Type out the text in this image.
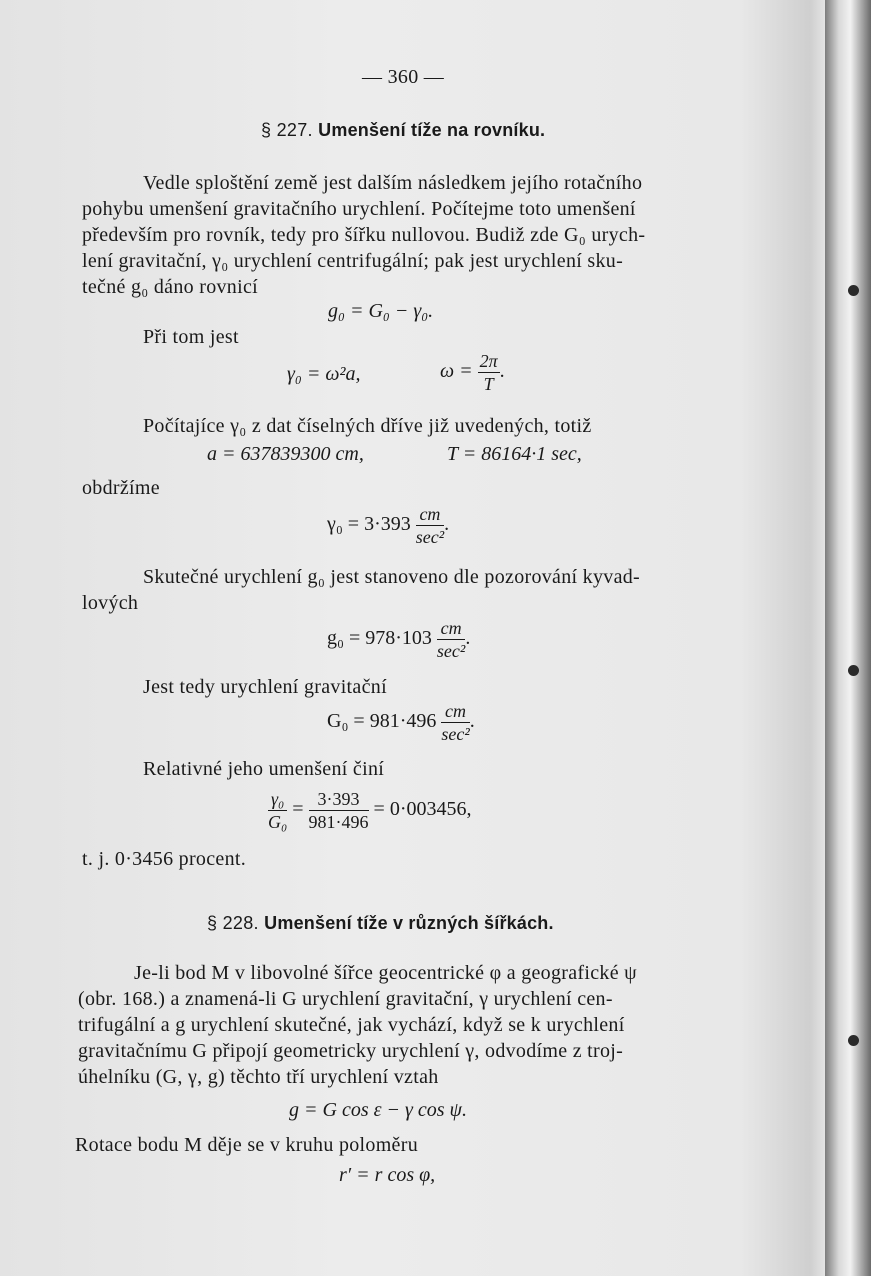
— 360 —
§ 227. Umenšení tíže na rovníku.
Vedle sploštění země jest dalším následkem jejího rotačního
pohybu umenšení gravitačního urychlení. Počítejme toto umenšení
především pro rovník, tedy pro šířku nullovou. Budiž zde G₀ urych-
lení gravitační, γ₀ urychlení centrifugální; pak jest urychlení sku-
tečné g₀ dáno rovnicí
g₀ = G₀ − γ₀.
Při tom jest
γ₀ = ω²a,	$\omega = \frac{2\pi}{T}$ .
Počítajíce γ₀ z dat číselných dříve již uvedených, totiž
a = 637839300 cm,	T = 86164·1 sec,
obdržíme
$\gamma_0 = 3\cdot 393 \frac{cm}{\text{sec²}}$ .
Skutečné urychlení g₀ jest stanoveno dle pozorování kyvad-
lových
$g_0 = 978\cdot 103 \frac{cm}{\text{sec²}}$ .
Jest tedy urychlení gravitační
$G_0 = 981\cdot 496 \frac{cm}{\text{sec²}}$ .
Relativné jeho umenšení činí
$\frac{\text{γ₀}}{\text{G₀}} = \frac{3\cdot 393}{981\cdot 496} = 0\cdot 003456$,
t. j. 0·3456 procent.
§ 228. Umenšení tíže v různých šířkách.
Je-li bod M v libovolné šířce geocentrické φ a geografické ψ
(obr. 168.) a znamená-li G urychlení gravitační, γ urychlení cen-
trifugální a g urychlení skutečné, jak vychází, když se k urychlení
gravitačnímu G připojí geometricky urychlení γ, odvodíme z troj-
úhelníku (G, γ, g) těchto tří urychlení vztah
g = G cos ε − γ cos ψ.
Rotace bodu M děje se v kruhu poloměru
r′ = r cos φ,
